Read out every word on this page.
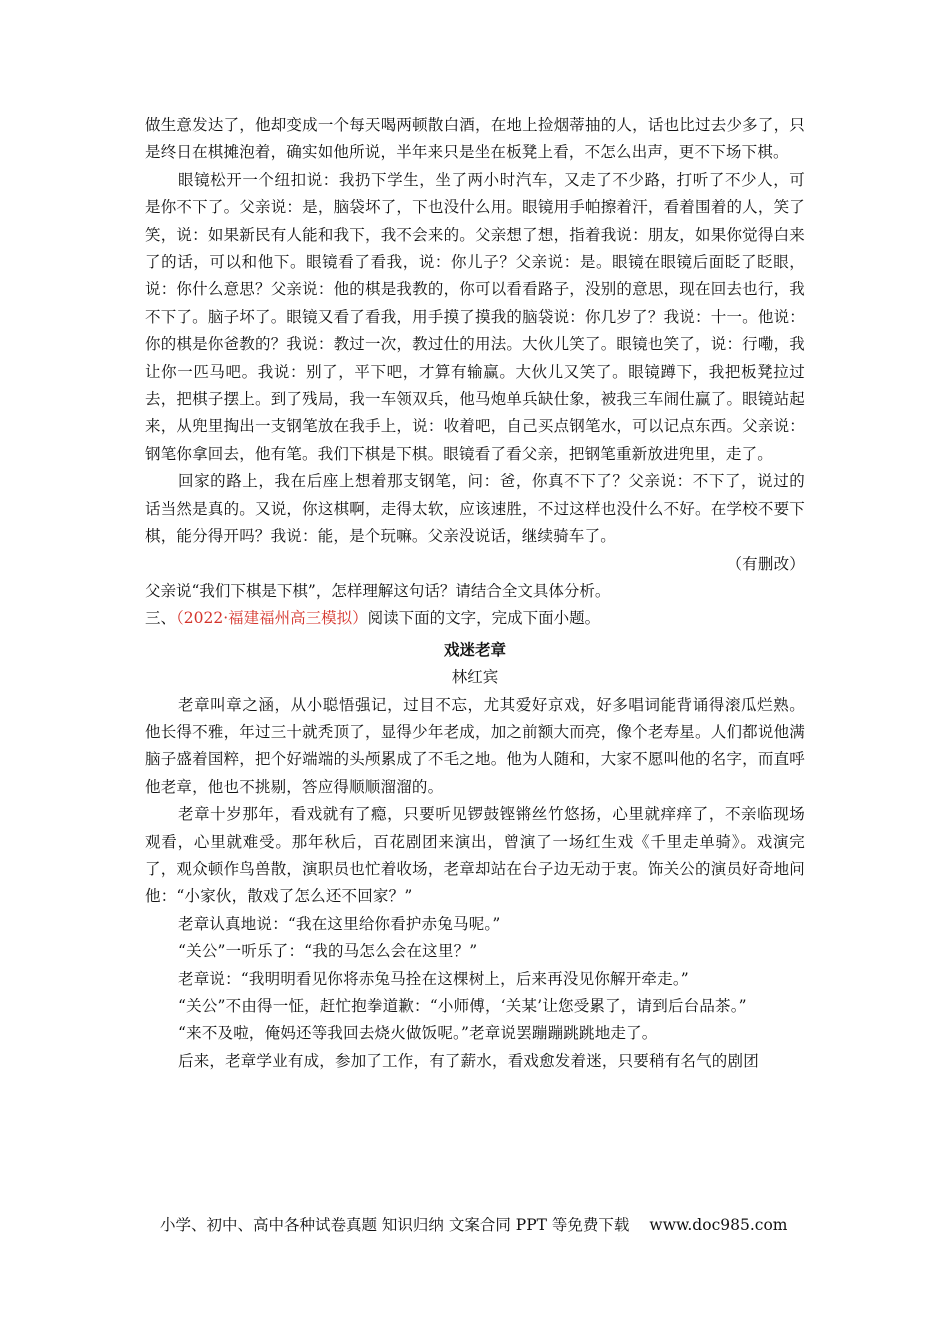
做生意发达了，他却变成一个每天喝两顿散白酒，在地上捡烟蒂抽的人，话也比过去少多了，只是终日在棋摊泡着，确实如他所说，半年来只是坐在板凳上看，不怎么出声，更不下场下棋。

眼镜松开一个纽扣说：我扔下学生，坐了两小时汽车，又走了不少路，打听了不少人，可是你不下了。父亲说：是，脑袋坏了，下也没什么用。眼镜用手帕擦着汗，看着围着的人，笑了笑，说：如果新民有人能和我下，我不会来的。父亲想了想，指着我说：朋友，如果你觉得白来了的话，可以和他下。眼镜看了看我，说：你儿子？父亲说：是。眼镜在眼镜后面眨了眨眼，说：你什么意思？父亲说：他的棋是我教的，你可以看看路子，没别的意思，现在回去也行，我不下了。脑子坏了。眼镜又看了看我，用手摸了摸我的脑袋说：你几岁了？我说：十一。他说：你的棋是你爸教的？我说：教过一次，教过仕的用法。大伙儿笑了。眼镜也笑了，说：行嘞，我让你一匹马吧。我说：别了，平下吧，才算有输赢。大伙儿又笑了。眼镜蹲下，我把板凳拉过去，把棋子摆上。到了残局，我一车领双兵，他马炮单兵缺仕象，被我三车闹仕赢了。眼镜站起来，从兜里掏出一支钢笔放在我手上，说：收着吧，自己买点钢笔水，可以记点东西。父亲说：钢笔你拿回去，他有笔。我们下棋是下棋。眼镜看了看父亲，把钢笔重新放进兜里，走了。

回家的路上，我在后座上想着那支钢笔，问：爸，你真不下了？父亲说：不下了，说过的话当然是真的。又说，你这棋啊，走得太软，应该速胜，不过这样也没什么不好。在学校不要下棋，能分得开吗？我说：能，是个玩嘛。父亲没说话，继续骑车了。

（有删改）

父亲说“我们下棋是下棋”，怎样理解这句话？请结合全文具体分析。

三、（2022·福建福州高三模拟）阅读下面的文字，完成下面小题。

戏迷老章

林红宾

老章叫章之涵，从小聪悟强记，过目不忘，尤其爱好京戏，好多唱词能背诵得滚瓜烂熟。他长得不雅，年过三十就秃顶了，显得少年老成，加之前额大而亮，像个老寿星。人们都说他满脑子盛着国粹，把个好端端的头颅累成了不毛之地。他为人随和，大家不愿叫他的名字，而直呼他老章，他也不挑剔，答应得顺顺溜溜的。

老章十岁那年，看戏就有了瘾，只要听见锣鼓铿锵丝竹悠扬，心里就痒痒了，不亲临现场观看，心里就难受。那年秋后，百花剧团来演出，曾演了一场红生戏《千里走单骑》。戏演完了，观众顿作鸟兽散，演职员也忙着收场，老章却站在台子边无动于衷。饰关公的演员好奇地问他：“小家伙，散戏了怎么还不回家？”

老章认真地说：“我在这里给你看护赤兔马呢。”

“关公”一听乐了：“我的马怎么会在这里？”

老章说：“我明明看见你将赤兔马拴在这棵树上，后来再没见你解开牵走。”

“关公”不由得一怔，赶忙抱拳道歉：“小师傅，‘关某’让您受累了，请到后台品茶。”

“来不及啦，俺妈还等我回去烧火做饭呢。”老章说罢蹦蹦跳跳地走了。

后来，老章学业有成，参加了工作，有了薪水，看戏愈发着迷，只要稍有名气的剧团

小学、初中、高中各种试卷真题 知识归纳 文案合同 PPT 等免费下载 www.doc985.com
